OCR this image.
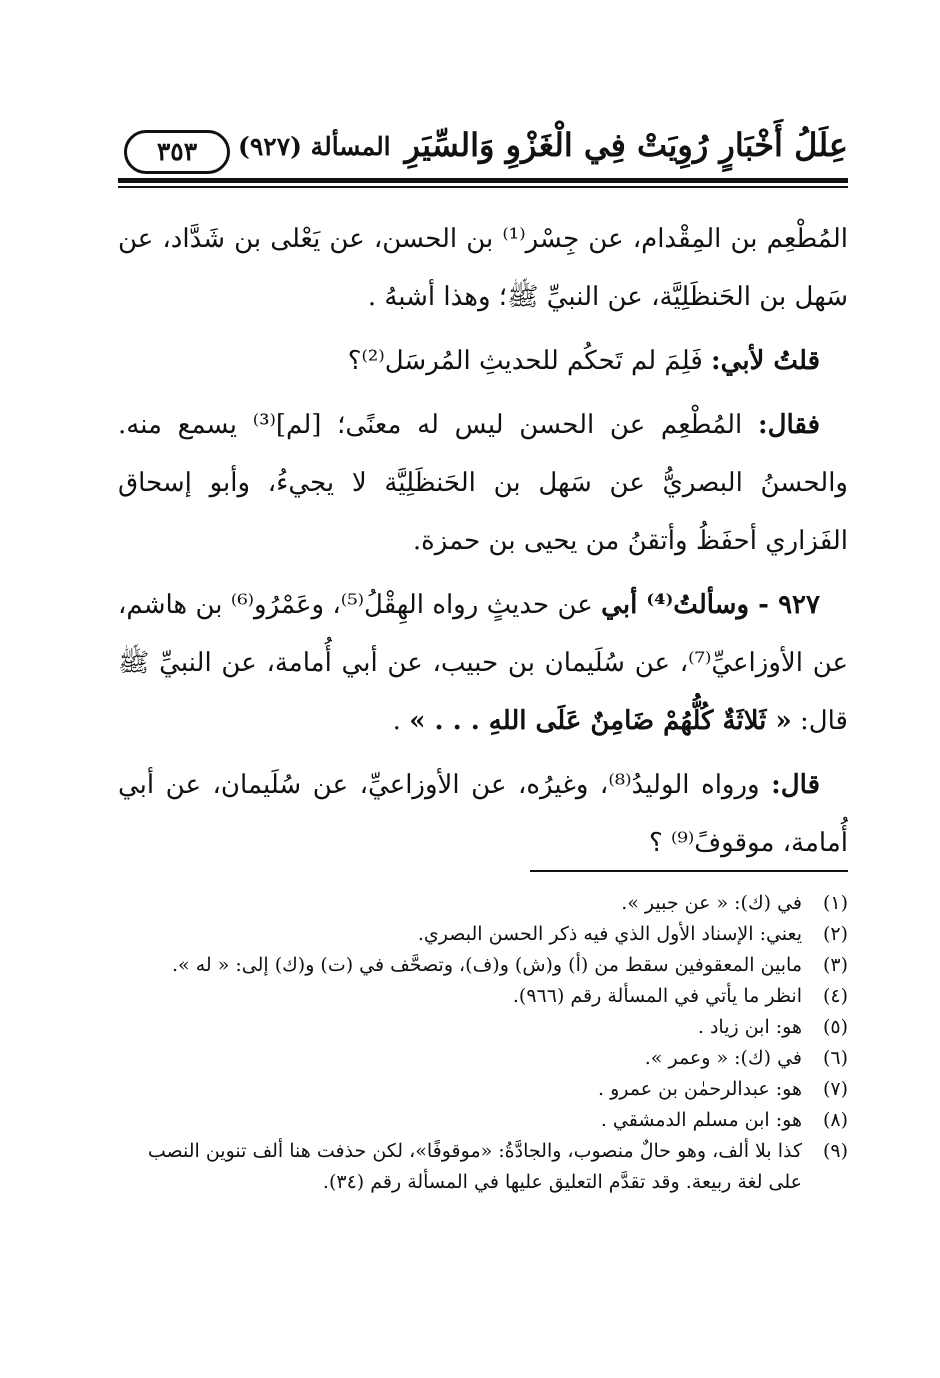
عِلَلُ أَخْبَارٍ رُوِيَتْ فِي الْغَزْوِ وَالسِّيَرِ
المسألة (٩٢٧)
٣٥٣

المُطْعِم بن المِقْدام، عن جِسْر⁽¹⁾ بن الحسن، عن يَعْلى بن شَدَّاد، عن سَهل بن الحَنظَلِيَّة، عن النبيِّ ﷺ؛ وهذا أشبهُ .

قلتُ لأبي: فَلِمَ لم تَحكُم للحديثِ المُرسَل⁽²⁾؟

فقال: المُطْعِم عن الحسن ليس له معنًى؛ [لم]⁽³⁾ يسمع منه. والحسنُ البصريُّ عن سَهل بن الحَنظَلِيَّة لا يجيءُ، وأبو إسحاق الفَزاري أحفَظُ وأتقنُ من يحيى بن حمزة.

٩٢٧ - وسألتُ⁽⁴⁾ أبي عن حديثٍ رواه الهِقْلُ⁽⁵⁾، وعَمْرُو⁽⁶⁾ بن هاشم، عن الأوزاعيِّ⁽⁷⁾، عن سُلَيمان بن حبيب، عن أبي أُمامة، عن النبيِّ ﷺ قال: « ثَلاثَةٌ كُلُّهُمْ ضَامِنٌ عَلَى اللهِ . . . » .

قال: ورواه الوليدُ⁽⁸⁾، وغيرُه، عن الأوزاعيِّ، عن سُلَيمان، عن أبي أُمامة، موقوفً⁽⁹⁾ ؟

(١)
في (ك): « عن جبير ».
(٢)
يعني: الإسناد الأول الذي فيه ذكر الحسن البصري.
(٣)
مابين المعقوفين سقط من (أ) و(ش) و(ف)، وتصحَّف في (ت) و(ك) إلى: « له ».
(٤)
انظر ما يأتي في المسألة رقم (٩٦٦).
(٥)
هو: ابن زياد .
(٦)
في (ك): « وعمر ».
(٧)
هو: عبدالرحمٰن بن عمرو .
(٨)
هو: ابن مسلم الدمشقي .
(٩)
كذا بلا ألف، وهو حالٌ منصوب، والجادَّةُ: «موقوفًا»، لكن حذفت هنا ألف تنوين النصب على لغة ربيعة. وقد تقدَّم التعليق عليها في المسألة رقم (٣٤).
